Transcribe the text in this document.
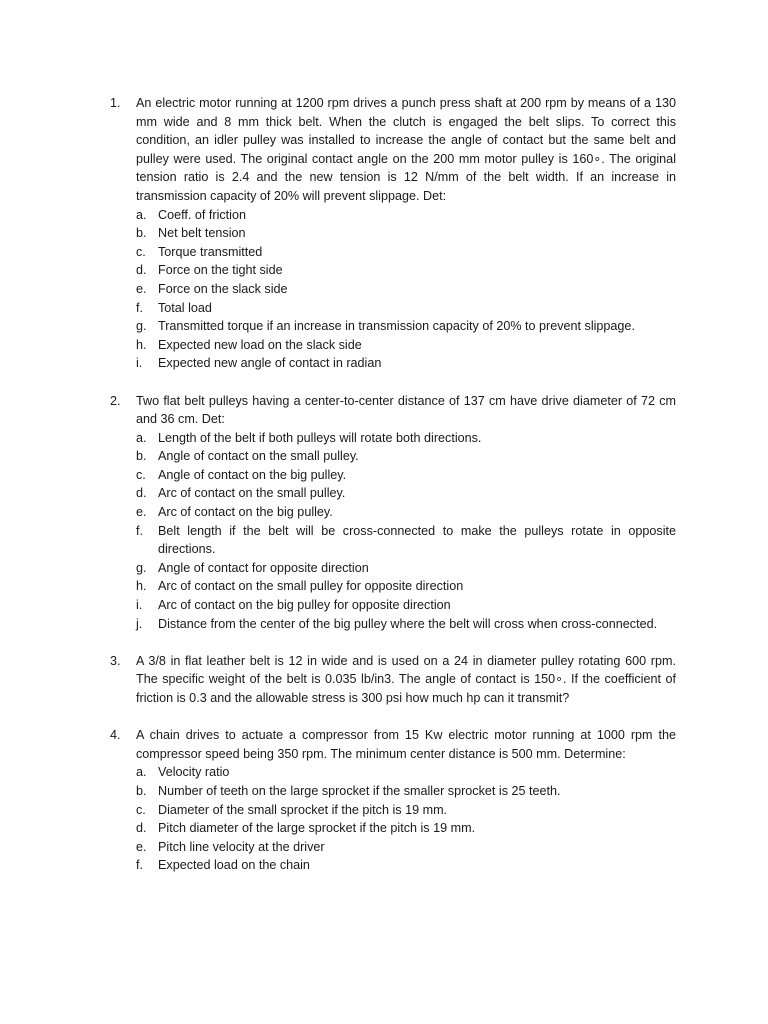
1.	An electric motor running at 1200 rpm drives a punch press shaft at 200 rpm by means of a 130 mm wide and 8 mm thick belt. When the clutch is engaged the belt slips. To correct this condition, an idler pulley was installed to increase the angle of contact but the same belt and pulley were used. The original contact angle on the 200 mm motor pulley is 160∘. The original tension ratio is 2.4 and the new tension is 12 N/mm of the belt width. If an increase in transmission capacity of 20% will prevent slippage. Det:
a. Coeff. of friction
b. Net belt tension
c. Torque transmitted
d. Force on the tight side
e. Force on the slack side
f.	Total load
g. Transmitted torque if an increase in transmission capacity of 20% to prevent slippage.
h. Expected new load on the slack side
i.	Expected new angle of contact in radian
2.	Two flat belt pulleys having a center-to-center distance of 137 cm have drive diameter of 72 cm and 36 cm. Det:
a. Length of the belt if both pulleys will rotate both directions.
b. Angle of contact on the small pulley.
c. Angle of contact on the big pulley.
d. Arc of contact on the small pulley.
e. Arc of contact on the big pulley.
f.	Belt length if the belt will be cross-connected to make the pulleys rotate in opposite directions.
g. Angle of contact for opposite direction
h. Arc of contact on the small pulley for opposite direction
i.	Arc of contact on the big pulley for opposite direction
j.	Distance from the center of the big pulley where the belt will cross when cross-connected.
3.	A 3/8 in flat leather belt is 12 in wide and is used on a 24 in diameter pulley rotating 600 rpm. The specific weight of the belt is 0.035 lb/in3. The angle of contact is 150∘. If the coefficient of friction is 0.3 and the allowable stress is 300 psi how much hp can it transmit?
4.	A chain drives to actuate a compressor from 15 Kw electric motor running at 1000 rpm the compressor speed being 350 rpm. The minimum center distance is 500 mm. Determine:
a. Velocity ratio
b. Number of teeth on the large sprocket if the smaller sprocket is 25 teeth.
c. Diameter of the small sprocket if the pitch is 19 mm.
d. Pitch diameter of the large sprocket if the pitch is 19 mm.
e. Pitch line velocity at the driver
f.	Expected load on the chain
